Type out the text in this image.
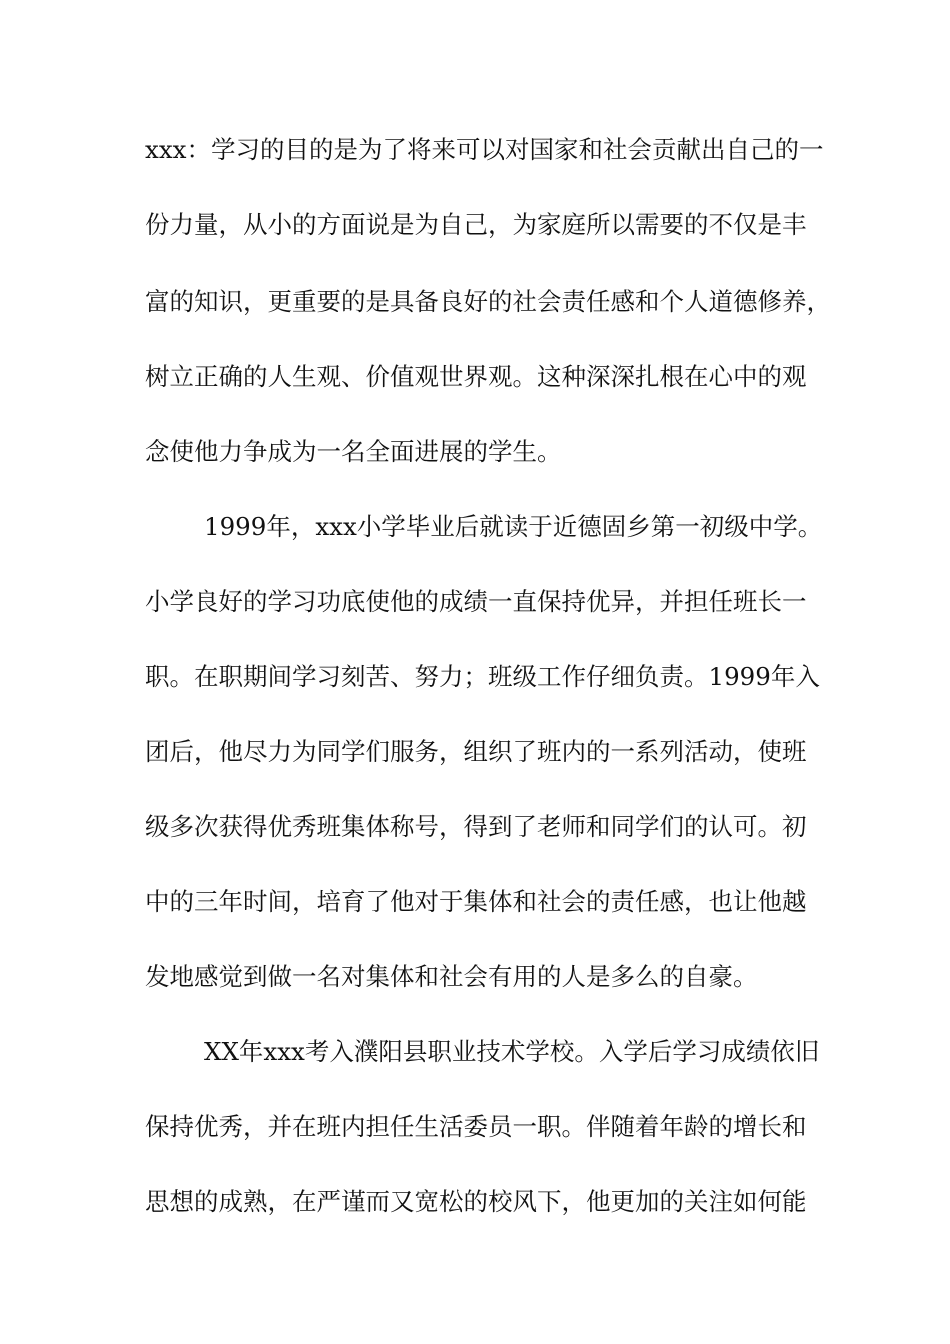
xxx：学习的目的是为了将来可以对国家和社会贡献出自己的一
份力量，从小的方面说是为自己，为家庭所以需要的不仅是丰
富的知识，更重要的是具备良好的社会责任感和个人道德修养，
树立正确的人生观、价值观世界观。这种深深扎根在心中的观
念使他力争成为一名全面进展的学生。
1999年，xxx小学毕业后就读于近德固乡第一初级中学。
小学良好的学习功底使他的成绩一直保持优异，并担任班长一
职。在职期间学习刻苦、努力；班级工作仔细负责。1999年入
团后，他尽力为同学们服务，组织了班内的一系列活动，使班
级多次获得优秀班集体称号，得到了老师和同学们的认可。初
中的三年时间，培育了他对于集体和社会的责任感，也让他越
发地感觉到做一名对集体和社会有用的人是多么的自豪。
XX年xxx考入濮阳县职业技术学校。入学后学习成绩依旧
保持优秀，并在班内担任生活委员一职。伴随着年龄的增长和
思想的成熟，在严谨而又宽松的校风下，他更加的关注如何能
